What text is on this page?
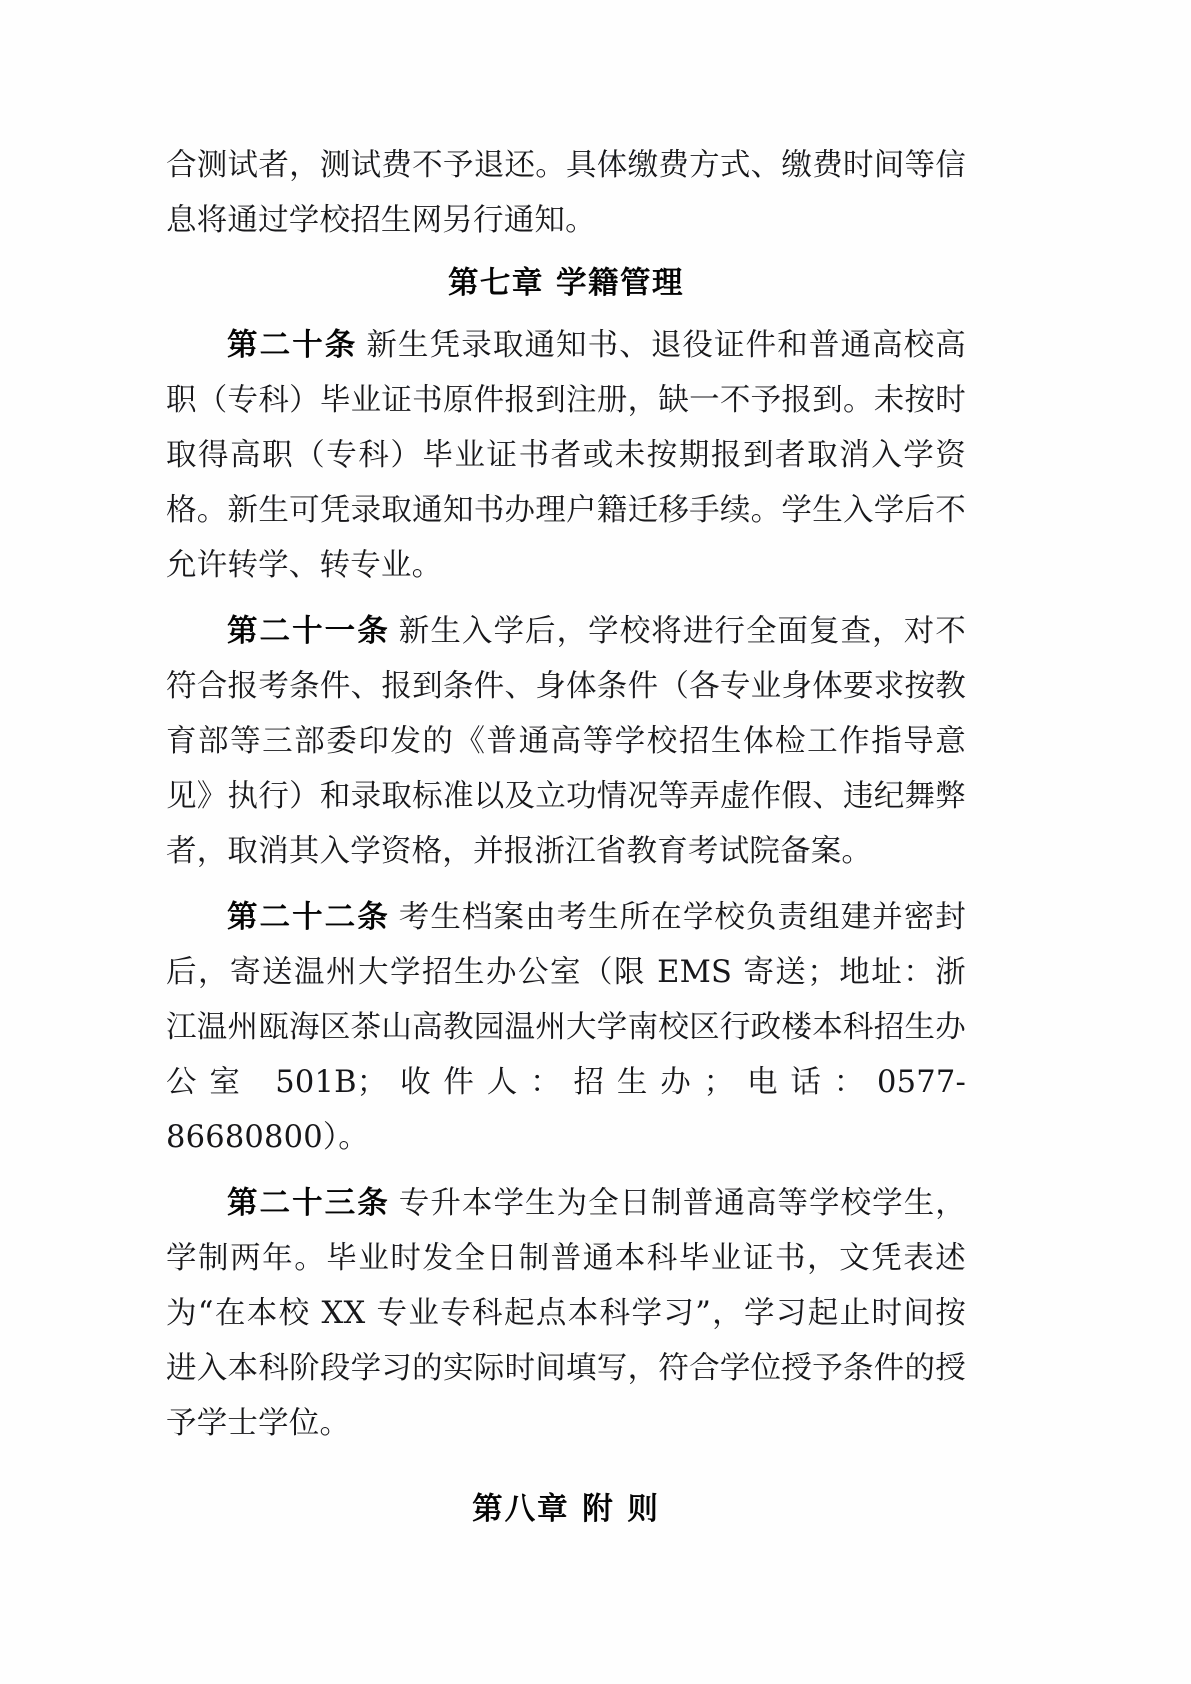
合测试者，测试费不予退还。具体缴费方式、缴费时间等信息将通过学校招生网另行通知。

第七章 学籍管理

第二十条 新生凭录取通知书、退役证件和普通高校高职（专科）毕业证书原件报到注册，缺一不予报到。未按时取得高职（专科）毕业证书者或未按期报到者取消入学资格。新生可凭录取通知书办理户籍迁移手续。学生入学后不允许转学、转专业。

第二十一条 新生入学后，学校将进行全面复查，对不符合报考条件、报到条件、身体条件（各专业身体要求按教育部等三部委印发的《普通高等学校招生体检工作指导意见》执行）和录取标准以及立功情况等弄虚作假、违纪舞弊者，取消其入学资格，并报浙江省教育考试院备案。

第二十二条 考生档案由考生所在学校负责组建并密封后，寄送温州大学招生办公室（限 EMS 寄送；地址：浙江温州瓯海区茶山高教园温州大学南校区行政楼本科招生办公室 501B；收件人：招生办；电话：0577-86680800）。

第二十三条 专升本学生为全日制普通高等学校学生，学制两年。毕业时发全日制普通本科毕业证书，文凭表述为“在本校 XX 专业专科起点本科学习”，学习起止时间按进入本科阶段学习的实际时间填写，符合学位授予条件的授予学士学位。

第八章 附 则
